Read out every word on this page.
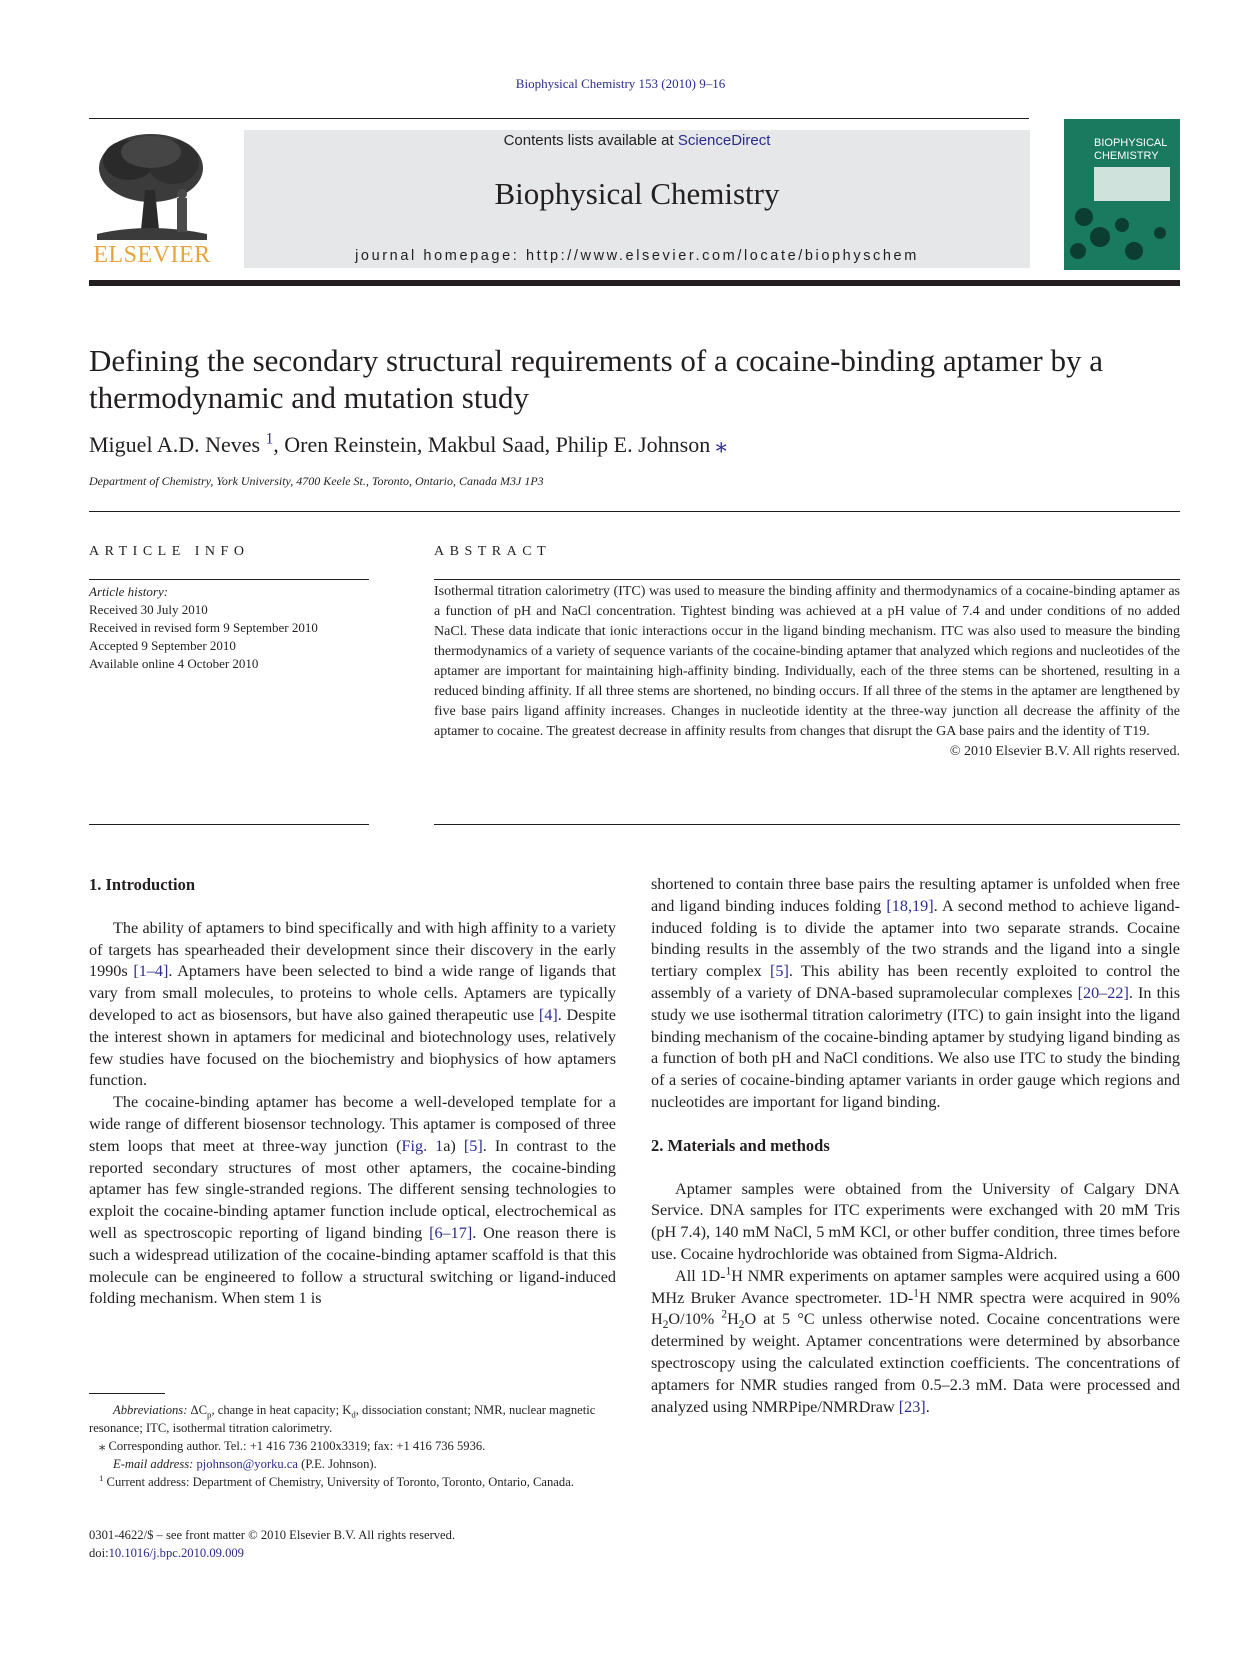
Biophysical Chemistry 153 (2010) 9–16
ELSEVIER
Contents lists available at ScienceDirect
Biophysical Chemistry
journal homepage: http://www.elsevier.com/locate/biophyschem
BIOPHYSICAL
CHEMISTRY
Defining the secondary structural requirements of a cocaine-binding aptamer by a thermodynamic and mutation study
Miguel A.D. Neves $^1$, Oren Reinstein, Makbul Saad, Philip E. Johnson ⁎
Department of Chemistry, York University, 4700 Keele St., Toronto, Ontario, Canada M3J 1P3
ARTICLE INFO	ABSTRACT
Article history:
Received 30 July 2010
Received in revised form 9 September 2010
Accepted 9 September 2010
Available online 4 October 2010
Isothermal titration calorimetry (ITC) was used to measure the binding affinity and thermodynamics of a cocaine-binding aptamer as a function of pH and NaCl concentration. Tightest binding was achieved at a pH value of 7.4 and under conditions of no added NaCl. These data indicate that ionic interactions occur in the ligand binding mechanism. ITC was also used to measure the binding thermodynamics of a variety of sequence variants of the cocaine-binding aptamer that analyzed which regions and nucleotides of the aptamer are important for maintaining high-affinity binding. Individually, each of the three stems can be shortened, resulting in a reduced binding affinity. If all three stems are shortened, no binding occurs. If all three of the stems in the aptamer are lengthened by five base pairs ligand affinity increases. Changes in nucleotide identity at the three-way junction all decrease the affinity of the aptamer to cocaine. The greatest decrease in affinity results from changes that disrupt the GA base pairs and the identity of T19.
© 2010 Elsevier B.V. All rights reserved.
1. Introduction

The ability of aptamers to bind specifically and with high affinity to a variety of targets has spearheaded their development since their discovery in the early 1990s [1–4]. Aptamers have been selected to bind a wide range of ligands that vary from small molecules, to proteins to whole cells. Aptamers are typically developed to act as biosensors, but have also gained therapeutic use [4]. Despite the interest shown in aptamers for medicinal and biotechnology uses, relatively few studies have focused on the biochemistry and biophysics of how aptamers function.

The cocaine-binding aptamer has become a well-developed template for a wide range of different biosensor technology. This aptamer is composed of three stem loops that meet at three-way junction (Fig. 1a) [5]. In contrast to the reported secondary structures of most other aptamers, the cocaine-binding aptamer has few single-stranded regions. The different sensing technologies to exploit the cocaine-binding aptamer function include optical, electrochemical as well as spectroscopic reporting of ligand binding [6–17]. One reason there is such a widespread utilization of the cocaine-binding aptamer scaffold is that this molecule can be engineered to follow a structural switching or ligand-induced folding mechanism. When stem 1 is

shortened to contain three base pairs the resulting aptamer is unfolded when free and ligand binding induces folding [18,19]. A second method to achieve ligand-induced folding is to divide the aptamer into two separate strands. Cocaine binding results in the assembly of the two strands and the ligand into a single tertiary complex [5]. This ability has been recently exploited to control the assembly of a variety of DNA-based supramolecular complexes [20–22]. In this study we use isothermal titration calorimetry (ITC) to gain insight into the ligand binding mechanism of the cocaine-binding aptamer by studying ligand binding as a function of both pH and NaCl conditions. We also use ITC to study the binding of a series of cocaine-binding aptamer variants in order gauge which regions and nucleotides are important for ligand binding.

2. Materials and methods

Aptamer samples were obtained from the University of Calgary DNA Service. DNA samples for ITC experiments were exchanged with 20 mM Tris (pH 7.4), 140 mM NaCl, 5 mM KCl, or other buffer condition, three times before use. Cocaine hydrochloride was obtained from Sigma-Aldrich.

All 1D-$^1$H NMR experiments on aptamer samples were acquired using a 600 MHz Bruker Avance spectrometer. 1D-$^1$H NMR spectra were acquired in 90% $H_2O/10\%$ $^2H_2O$ at 5 °C unless otherwise noted. Cocaine concentrations were determined by weight. Aptamer concentrations were determined by absorbance spectroscopy using the calculated extinction coefficients. The concentrations of aptamers for NMR studies ranged from 0.5–2.3 mM. Data were processed and analyzed using NMRPipe/NMRDraw [23].

Abbreviations: $\Delta C_p$, change in heat capacity; $K_d$, dissociation constant; NMR, nuclear magnetic resonance; ITC, isothermal titration calorimetry.

⁎ Corresponding author. Tel.: +1 416 736 2100x3319; fax: +1 416 736 5936.

E-mail address: pjohnson@yorku.ca (P.E. Johnson).

$^1$ Current address: Department of Chemistry, University of Toronto, Toronto, Ontario, Canada.

0301-4622/$ – see front matter © 2010 Elsevier B.V. All rights reserved.
doi:10.1016/j.bpc.2010.09.009
